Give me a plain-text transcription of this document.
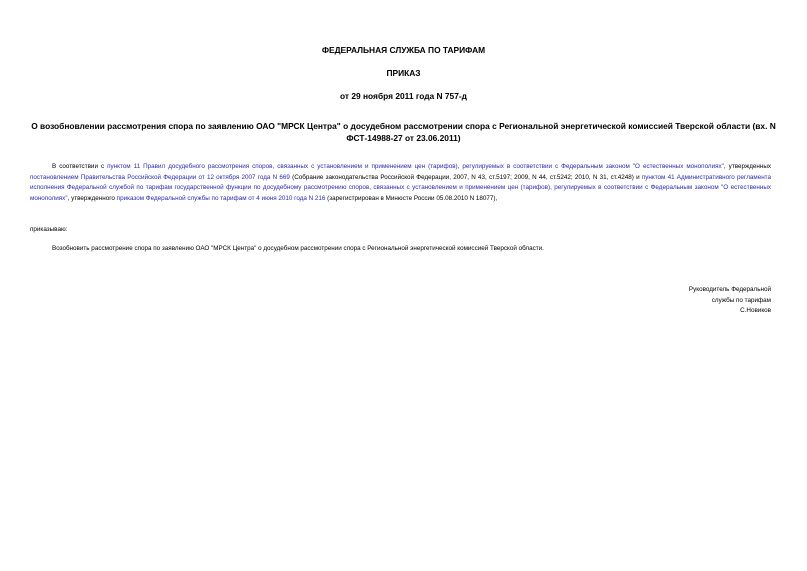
ФЕДЕРАЛЬНАЯ СЛУЖБА ПО ТАРИФАМ

ПРИКАЗ

от 29 ноября 2011 года N 757-д

О возобновлении рассмотрения спора по заявлению ОАО "МРСК Центра" о досудебном рассмотрении спора с Региональной энергетической комиссией Тверской области (вх. N ФСТ-14988-27 от 23.06.2011)

В соответствии с пунктом 11 Правил досудебного рассмотрения споров, связанных с установлением и применением цен (тарифов), регулируемых в соответствии с Федеральным законом "О естественных монополиях", утвержденных постановлением Правительства Российской Федерации от 12 октября 2007 года N 669 (Собрание законодательства Российской Федерации, 2007, N 43, ст.5197; 2009, N 44, ст.5242; 2010, N 31, ст.4248) и пунктом 41 Административного регламента исполнения Федеральной службой по тарифам государственной функции по досудебному рассмотрению споров, связанных с установлением и применением цен (тарифов), регулируемых в соответствии с Федеральным законом "О естественных монополиях", утвержденного приказом Федеральной службы по тарифам от 4 июня 2010 года N 216 (зарегистрирован в Минюсте России 05.08.2010 N 18077),

приказываю:

Возобновить рассмотрение спора по заявлению ОАО "МРСК Центра" о досудебном рассмотрении спора с Региональной энергетической комиссией Тверской области.

Руководитель Федеральной
службы по тарифам
С.Новиков
